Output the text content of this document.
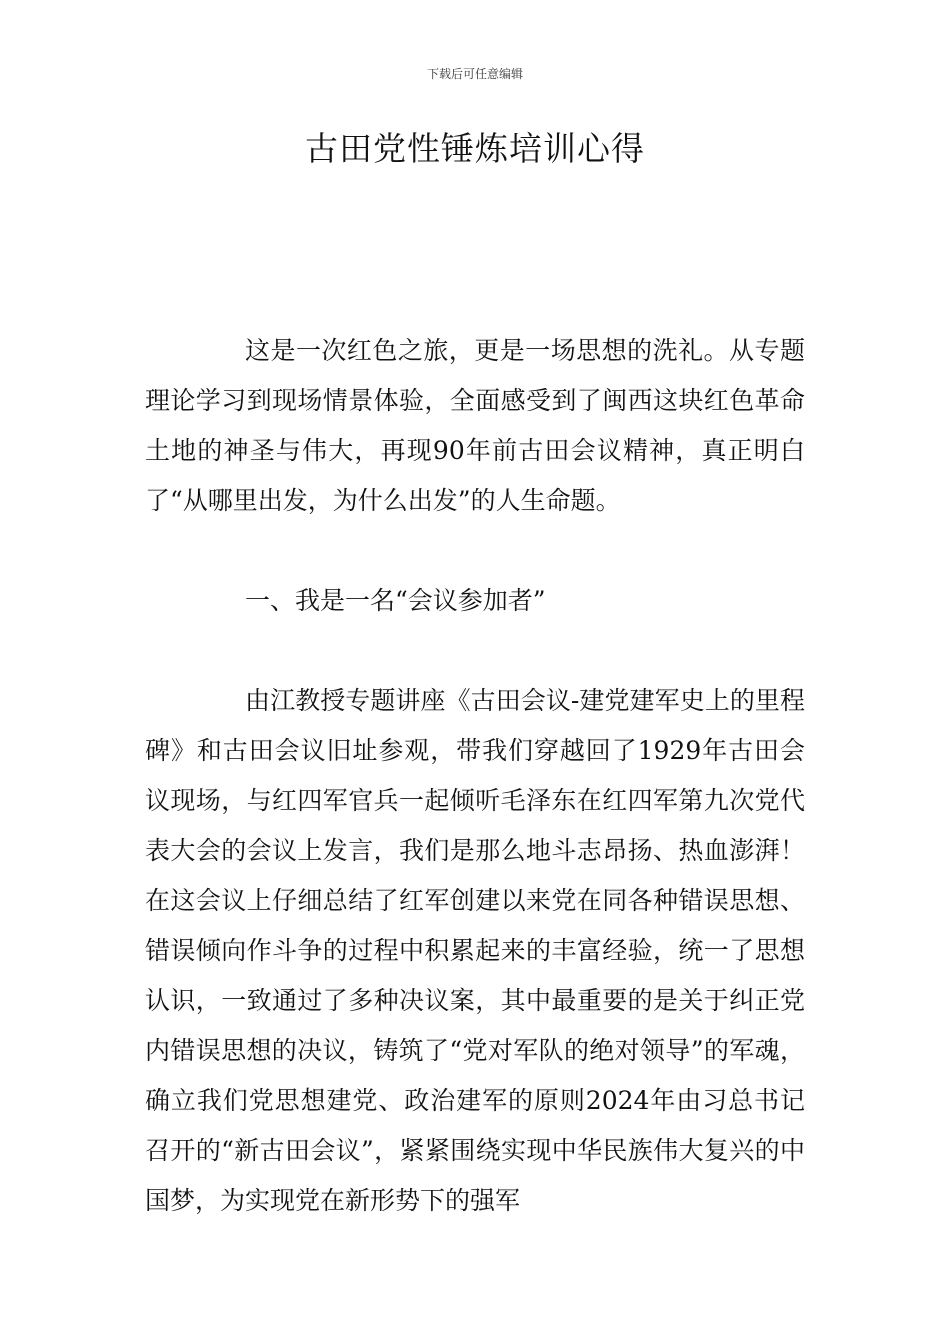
下载后可任意编辑
古田党性锤炼培训心得

这是一次红色之旅，更是一场思想的洗礼。从专题理论学习到现场情景体验，全面感受到了闽西这块红色革命土地的神圣与伟大，再现90年前古田会议精神，真正明白了“从哪里出发，为什么出发”的人生命题。

一、我是一名“会议参加者”

由江教授专题讲座《古田会议-建党建军史上的里程碑》和古田会议旧址参观，带我们穿越回了1929年古田会议现场，与红四军官兵一起倾听毛泽东在红四军第九次党代表大会的会议上发言，我们是那么地斗志昂扬、热血澎湃！在这会议上仔细总结了红军创建以来党在同各种错误思想、错误倾向作斗争的过程中积累起来的丰富经验，统一了思想认识，一致通过了多种决议案，其中最重要的是关于纠正党内错误思想的决议，铸筑了“党对军队的绝对领导”的军魂，确立我们党思想建党、政治建军的原则2024年由习总书记召开的“新古田会议”，紧紧围绕实现中华民族伟大复兴的中国梦，为实现党在新形势下的强军
